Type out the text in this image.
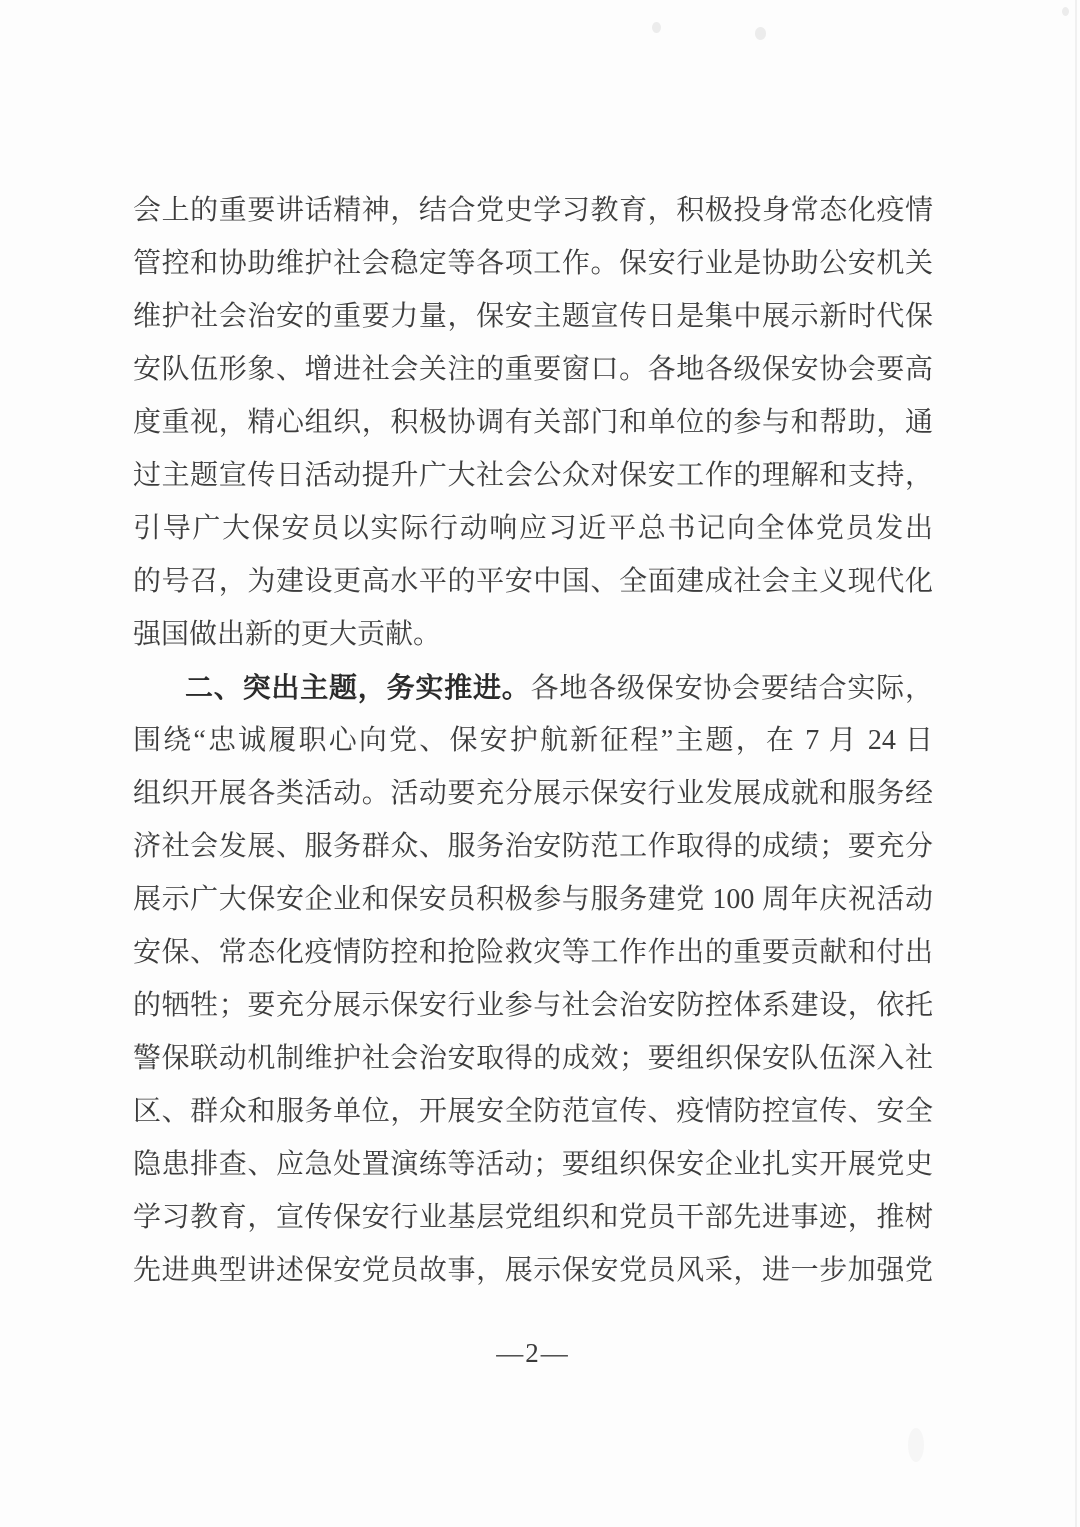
会上的重要讲话精神，结合党史学习教育，积极投身常态化疫情
管控和协助维护社会稳定等各项工作。保安行业是协助公安机关
维护社会治安的重要力量，保安主题宣传日是集中展示新时代保
安队伍形象、增进社会关注的重要窗口。各地各级保安协会要高
度重视，精心组织，积极协调有关部门和单位的参与和帮助，通
过主题宣传日活动提升广大社会公众对保安工作的理解和支持，
引导广大保安员以实际行动响应习近平总书记向全体党员发出
的号召，为建设更高水平的平安中国、全面建成社会主义现代化
强国做出新的更大贡献。
二、突出主题，务实推进。各地各级保安协会要结合实际，
围绕“忠诚履职心向党、保安护航新征程”主题，在 7 月 24 日
组织开展各类活动。活动要充分展示保安行业发展成就和服务经
济社会发展、服务群众、服务治安防范工作取得的成绩；要充分
展示广大保安企业和保安员积极参与服务建党 100 周年庆祝活动
安保、常态化疫情防控和抢险救灾等工作作出的重要贡献和付出
的牺牲；要充分展示保安行业参与社会治安防控体系建设，依托
警保联动机制维护社会治安取得的成效；要组织保安队伍深入社
区、群众和服务单位，开展安全防范宣传、疫情防控宣传、安全
隐患排查、应急处置演练等活动；要组织保安企业扎实开展党史
学习教育，宣传保安行业基层党组织和党员干部先进事迹，推树
先进典型讲述保安党员故事，展示保安党员风采，进一步加强党
—2—
